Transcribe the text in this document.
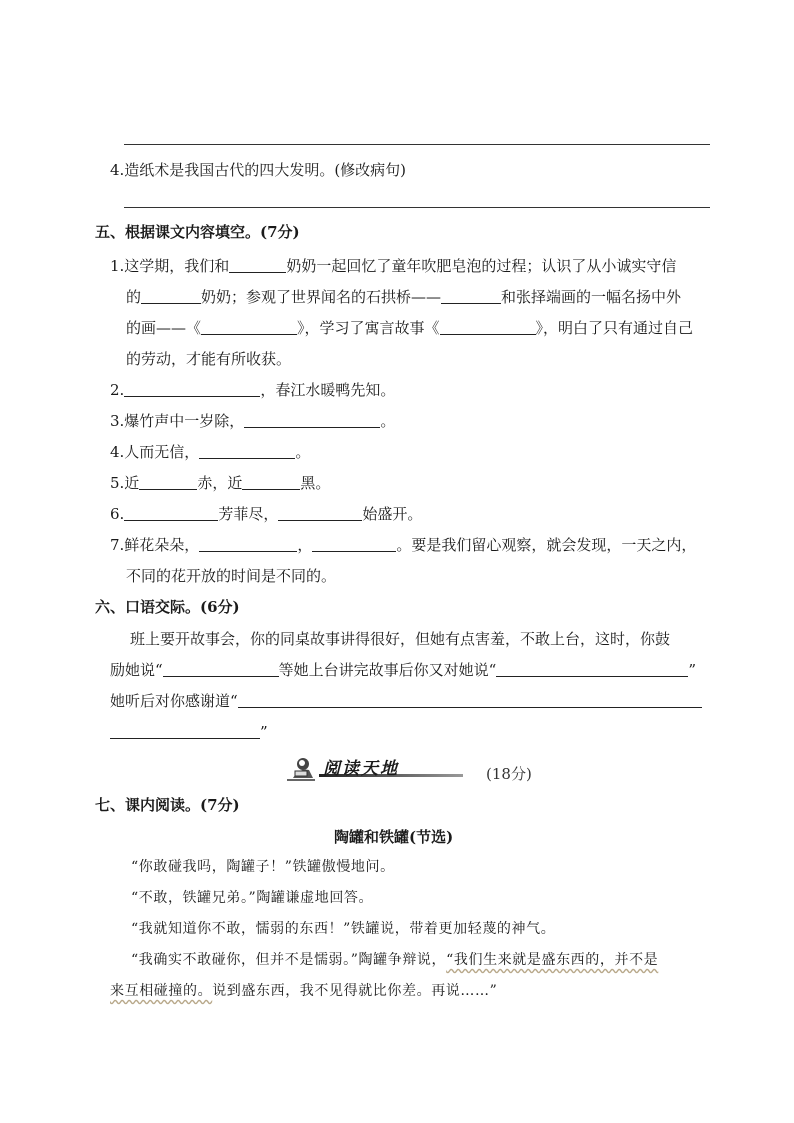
4.造纸术是我国古代的四大发明。(修改病句)
五、根据课文内容填空。(7分)
1.这学期，我们和	奶奶一起回忆了童年吹肥皂泡的过程；认识了从小诚实守信
的	奶奶；参观了世界闻名的石拱桥——	和张择端画的一幅名扬中外
的画——《	》，学习了寓言故事《	》，明白了只有通过自己
的劳动，才能有所收获。
2.	，春江水暖鸭先知。
3.爆竹声中一岁除，	。
4.人而无信，	。
5.近	赤，近	黑。
6.	芳菲尽，	始盛开。
7.鲜花朵朵，	，	。要是我们留心观察，就会发现，一天之内，
不同的花开放的时间是不同的。
六、口语交际。(6分)
班上要开故事会，你的同桌故事讲得很好，但她有点害羞，不敢上台，这时，你鼓
励她说“	等她上台讲完故事后你又对她说“	”
她听后对你感谢道“
”
阅读天地	(18分)
七、课内阅读。(7分)
陶罐和铁罐(节选)
“你敢碰我吗，陶罐子！”铁罐傲慢地问。
“不敢，铁罐兄弟。”陶罐谦虚地回答。
“我就知道你不敢，懦弱的东西！”铁罐说，带着更加轻蔑的神气。
“我确实不敢碰你，但并不是懦弱。”陶罐争辩说，“我们生来就是盛东西的，并不是
来互相碰撞的。说到盛东西，我不见得就比你差。再说……”
